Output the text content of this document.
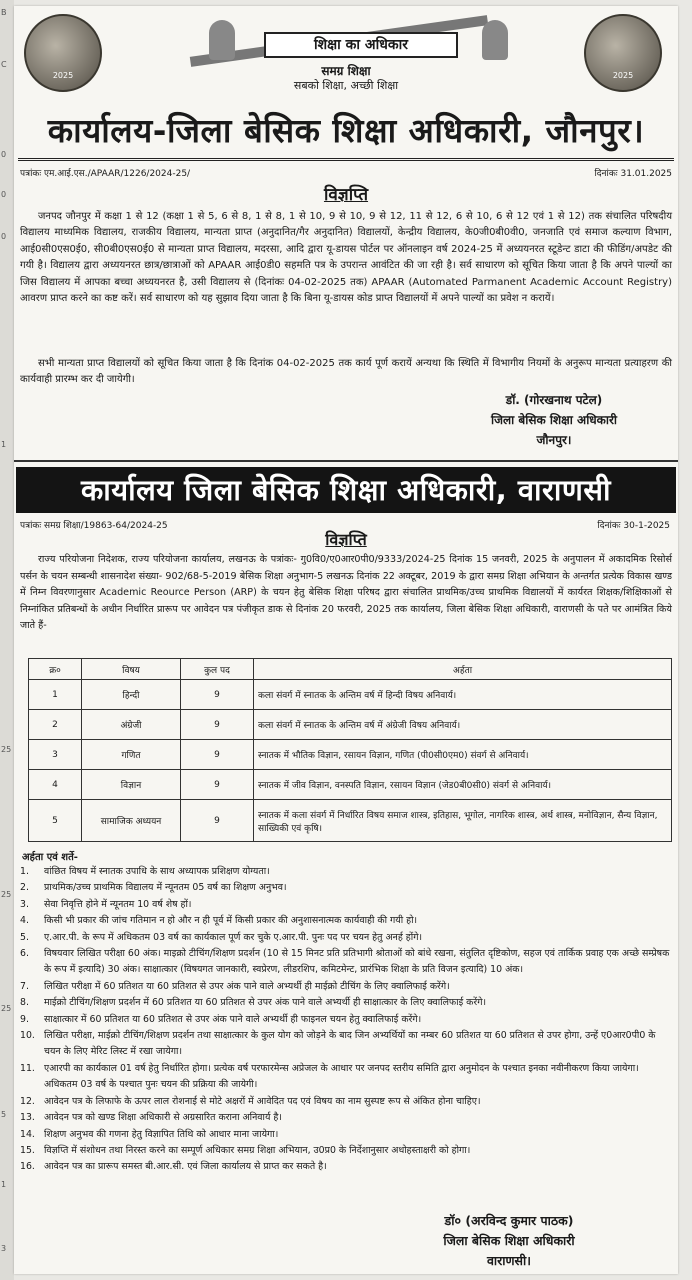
B
C
0
0
0
1
25
25
25
5
1
3
2025	2025
शिक्षा का अधिकार
समग्र शिक्षा
सबको शिक्षा, अच्छी शिक्षा
कार्यालय-जिला बेसिक शिक्षा अधिकारी, जौनपुर।
पत्रांकः एम.आई.एस./APAAR/1226/2024-25/	दिनांकः 31.01.2025
विज्ञप्ति
जनपद जौनपुर में कक्षा 1 से 12 (कक्षा 1 से 5, 6 से 8, 1 से 8, 1 से 10, 9 से 10, 9 से 12, 11 से 12, 6 से 10, 6 से 12 एवं 1 से 12) तक संचालित परिषदीय विद्यालय माध्यमिक विद्यालय, राजकीय विद्यालय, मान्यता प्राप्त (अनुदानित/गैर अनुदानित) विद्यालयों, केन्द्रीय विद्यालय, के0जी0बी0वी0, जनजाति एवं समाज कल्याण विभाग, आई0सी0एस0ई0, सी0बी0एस0ई0 से मान्यता प्राप्त विद्यालय, मदरसा, आदि द्वारा यू-डायस पोर्टल पर ऑनलाइन वर्ष 2024-25 में अध्ययनरत स्टूडेन्ट डाटा की फीडिंग/अपडेट की गयी है। विद्यालय द्वारा अध्ययनरत छात्र/छात्राओं को APAAR आई0डी0 सहमति पत्र के उपरान्त आवंटित की जा रही है। सर्व साधारण को सूचित किया जाता है कि अपने पाल्यों का जिस विद्यालय में आपका बच्चा अध्ययनरत है, उसी विद्यालय से (दिनांकः 04-02-2025 तक) APAAR (Automated Parmanent Academic Account Registry) आवरण प्राप्त करने का कष्ट करें। सर्व साधारण को यह सुझाव दिया जाता है कि बिना यू-डायस कोड प्राप्त विद्यालयों में अपने पाल्यों का प्रवेश न करायें।
सभी मान्यता प्राप्त विद्यालयों को सूचित किया जाता है कि दिनांक 04-02-2025 तक कार्य पूर्ण करायें अन्यथा कि स्थिति में विभागीय नियमों के अनुरूप मान्यता प्रत्याहरण की कार्यवाही प्रारम्भ कर दी जायेगी।
डॉ. (गोरखनाथ पटेल)
जिला बेसिक शिक्षा अधिकारी
जौनपुर।
कार्यालय जिला बेसिक शिक्षा अधिकारी, वाराणसी
पत्रांकः समग्र शिक्षा/19863-64/2024-25	दिनांकः 30-1-2025
विज्ञप्ति
राज्य परियोजना निदेशक, राज्य परियोजना कार्यालय, लखनऊ के पत्रांकः- गु0वि0/ए0आर0पी0/9333/2024-25 दिनांक 15 जनवरी, 2025 के अनुपालन में अकादमिक रिसोर्स पर्सन के चयन सम्बन्धी शासनादेश संख्या- 902/68-5-2019 बेसिक शिक्षा अनुभाग-5 लखनऊ दिनांक 22 अक्टूबर, 2019 के द्वारा समग्र शिक्षा अभियान के अन्तर्गत प्रत्येक विकास खण्ड में निम्न विवरणानुसार Academic Reource Person (ARP) के चयन हेतु बेसिक शिक्षा परिषद द्वारा संचालित प्राथमिक/उच्च प्राथमिक विद्यालयों में कार्यरत शिक्षक/शिक्षिकाओं से निम्नांकित प्रतिबन्धों के अधीन निर्धारित प्रारूप पर आवेदन पत्र पंजीकृत डाक से दिनांक 20 फरवरी, 2025 तक कार्यालय, जिला बेसिक शिक्षा अधिकारी, वाराणसी के पते पर आमंत्रित किये जाते हैं-
क्र०	विषय	कुल पद	अर्हता
1	हिन्दी	9	कला संवर्ग में स्नातक के अन्तिम वर्ष में हिन्दी विषय अनिवार्य।
2	अंग्रेजी	9	कला संवर्ग में स्नातक के अन्तिम वर्ष में अंग्रेजी विषय अनिवार्य।
3	गणित	9	स्नातक में भौतिक विज्ञान, रसायन विज्ञान, गणित (पी0सी0एम0) संवर्ग से अनिवार्य।
4	विज्ञान	9	स्नातक में जीव विज्ञान, वनस्पति विज्ञान, रसायन विज्ञान (जेड0बी0सी0) संवर्ग से अनिवार्य।
5	सामाजिक अध्ययन	9	स्नातक में कला संवर्ग में निर्धारित विषय समाज शास्त्र, इतिहास, भूगोल, नागरिक शास्त्र, अर्थ शास्त्र, मनोविज्ञान, सैन्य विज्ञान, साख्यिकी एवं कृषि।
अर्हता एवं शर्ते-
1. वांछित विषय में स्नातक उपाधि के साथ अध्यापक प्रशिक्षण योग्यता।
2. प्राथमिक/उच्च प्राथमिक विद्यालय में न्यूनतम 05 वर्ष का शिक्षण अनुभव।
3. सेवा निवृत्ति होने में न्यूनतम 10 वर्ष शेष हों।
4. किसी भी प्रकार की जांच गतिमान न हो और न ही पूर्व में किसी प्रकार की अनुशासनात्मक कार्यवाही की गयी हो।
5. ए.आर.पी. के रूप में अधिकतम 03 वर्ष का कार्यकाल पूर्ण कर चुके ए.आर.पी. पुनः पद पर चयन हेतु अनर्ह होंगे।
6. विषयवार लिखित परीक्षा 60 अंक। माइक्रो टीचिंग/शिक्षण प्रदर्शन (10 से 15 मिनट प्रति प्रतिभागी श्रोताओं को बांधे रखना, संतुलित दृष्टिकोण, सहज एवं तार्किक प्रवाह एक अच्छे सम्प्रेषक के रूप में इत्यादि) 30 अंक। साक्षात्कार (विषयगत जानकारी, स्वप्रेरण, लीडरशिप, कमिटमेन्ट, प्रारंभिक शिक्षा के प्रति विजन इत्यादि) 10 अंक।
7. लिखित परीक्षा में 60 प्रतिशत या 60 प्रतिशत से उपर अंक पाने वाले अभ्यर्थी ही माईक्रो टीचिंग के लिए क्वालिफाई करेंगे।
8. माईक्रो टीचिंग/शिक्षण प्रदर्शन में 60 प्रतिशत या 60 प्रतिशत से उपर अंक पाने वाले अभ्यर्थी ही साक्षात्कार के लिए क्वालिफाई करेंगे।
9. साक्षात्कार में 60 प्रतिशत या 60 प्रतिशत से उपर अंक पाने वाले अभ्यर्थी ही फाइनल चयन हेतु क्वालिफाई करेंगे।
10. लिखित परीक्षा, माईक्रो टीचिंग/शिक्षण प्रदर्शन तथा साक्षात्कार के कुल योग को जोड़ने के बाद जिन अभ्यर्थियों का नम्बर 60 प्रतिशत या 60 प्रतिशत से उपर होगा, उन्हें ए0आर0पी0 के चयन के लिए मेरिट लिस्ट में रखा जायेगा।
11. एआरपी का कार्यकाल 01 वर्ष हेतु निर्धारित होगा। प्रत्येक वर्ष परफारमेन्स अप्रेजल के आधार पर जनपद स्तरीय समिति द्वारा अनुमोदन के पश्चात इनका नवीनीकरण किया जायेगा। अधिकतम 03 वर्ष के पश्चात पुनः चयन की प्रक्रिया की जायेगी।
12. आवेदन पत्र के लिफाफे के ऊपर लाल रोशनाई से मोटे अक्षरों में आवेदित पद एवं विषय का नाम सुस्पष्ट रूप से अंकित होना चाहिए।
13. आवेदन पत्र को खण्ड शिक्षा अधिकारी से अग्रसारित कराना अनिवार्य है।
14. शिक्षण अनुभव की गणना हेतु विज्ञापित तिथि को आधार माना जायेगा।
15. विज्ञप्ति में संशोधन तथा निरस्त करने का सम्पूर्ण अधिकार समग्र शिक्षा अभियान, उ0प्र0 के निर्देशानुसार अधोहस्ताक्षरी को होगा।
16. आवेदन पत्र का प्रारूप समस्त बी.आर.सी. एवं जिला कार्यालय से प्राप्त कर सकते है।
डॉ० (अरविन्द कुमार पाठक)
जिला बेसिक शिक्षा अधिकारी
वाराणसी।
